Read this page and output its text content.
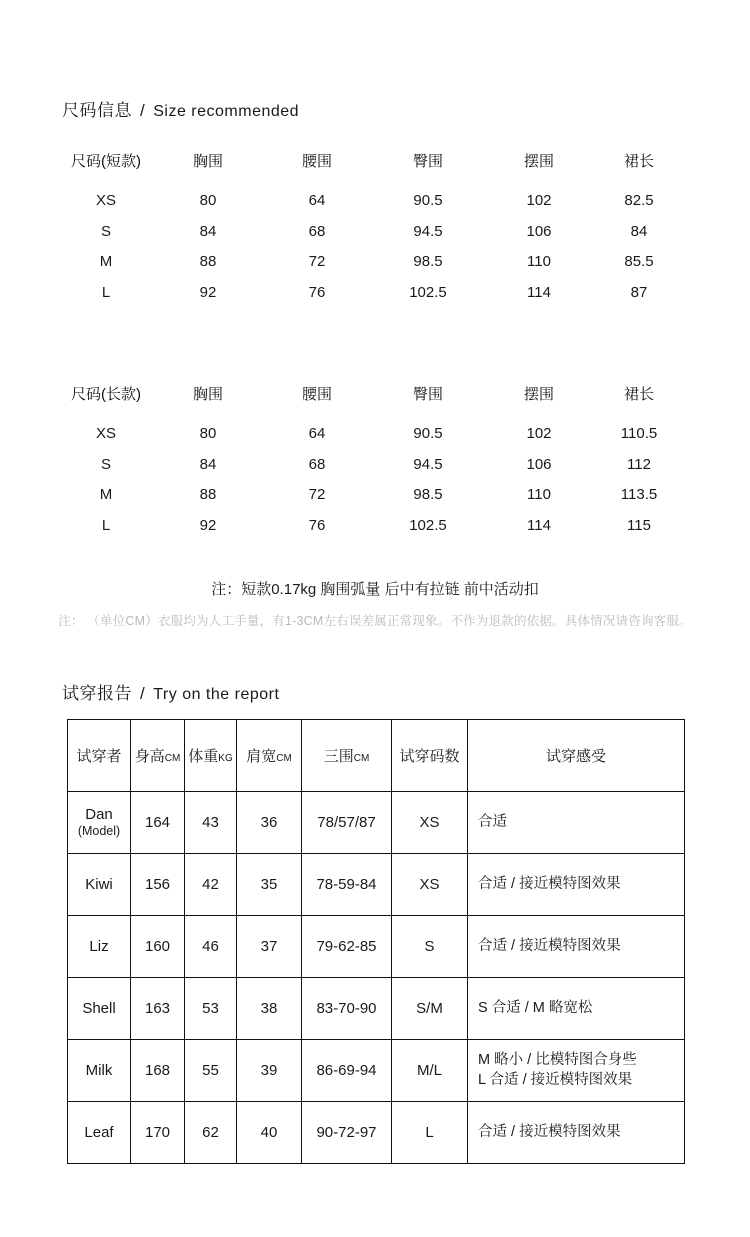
尺码信息 / Size recommended
尺码(短款)	胸围	腰围	臀围	摆围	裙长

XS	80	64	90.5	102	82.5
S	84	68	94.5	106	84
M	88	72	98.5	110	85.5
L	92	76	102.5	114	87
尺码(长款)	胸围	腰围	臀围	摆围	裙长

XS	80	64	90.5	102	110.5
S	84	68	94.5	106	112
M	88	72	98.5	110	113.5
L	92	76	102.5	114	115
注：短款0.17kg 胸围弧量 后中有拉链 前中活动扣
注： （单位CM）衣服均为人工手量，有1-3CM左右误差属正常现象。不作为退款的依据。具体情况请咨询客服。
试穿报告 / Try on the report
试穿者	身高CM	体重KG	肩宽CM	三围CM	试穿码数	试穿感受
Dan
(Model)	164	43	36	78/57/87	XS	合适

Kiwi	156	42	35	78-59-84	XS	合适 / 接近模特图效果

Liz	160	46	37	79-62-85	S	合适 / 接近模特图效果

Shell	163	53	38	83-70-90	S/M	S 合适 / M 略宽松

Milk	168	55	39	86-69-94	M/L	M 略小 / 比模特图合身些
L 合适 / 接近模特图效果

Leaf	170	62	40	90-72-97	L	合适 / 接近模特图效果
